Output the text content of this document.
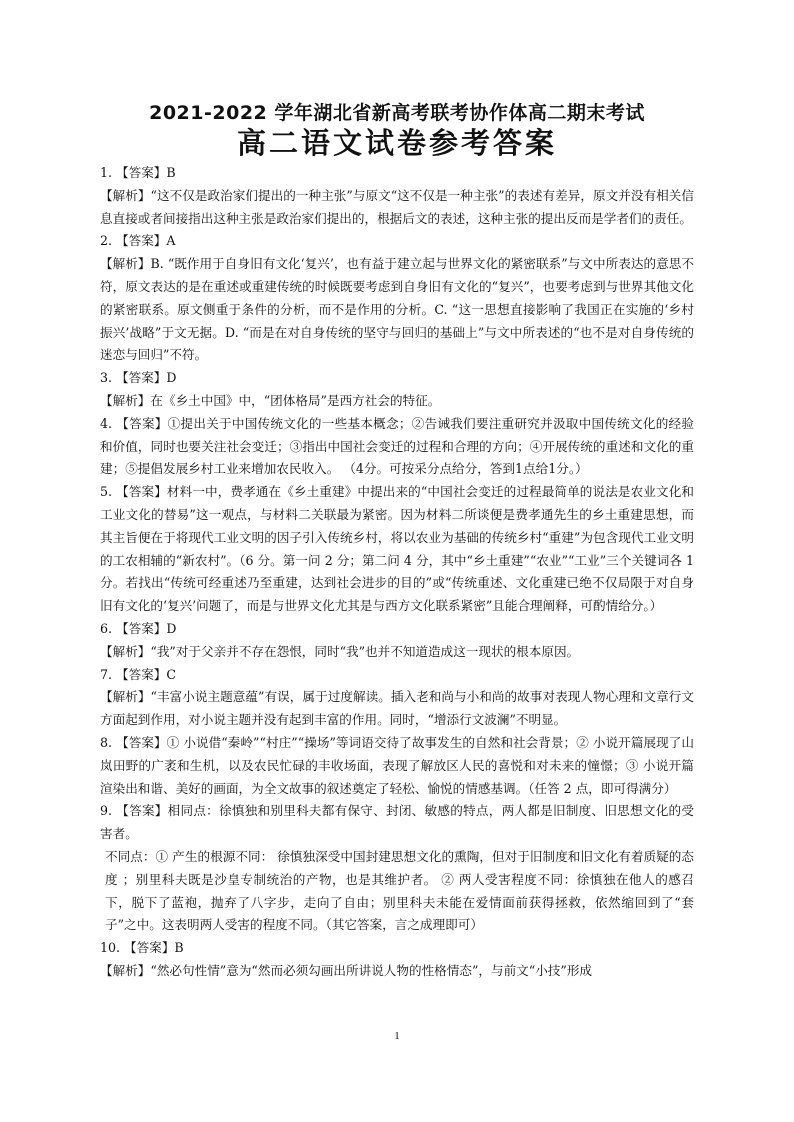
2021-2022 学年湖北省新高考联考协作体高二期末考试
高二语文试卷参考答案

1. 【答案】B

【解析】“这不仅是政治家们提出的一种主张”与原文“这不仅是一种主张”的表述有差异，原文并没有相关信息直接或者间接指出这种主张是政治家们提出的，根据后文的表述，这种主张的提出反而是学者们的责任。

2. 【答案】A

【解析】B. “既作用于自身旧有文化‘复兴’，也有益于建立起与世界文化的紧密联系”与文中所表达的意思不符，原文表达的是在重述或重建传统的时候既要考虑到自身旧有文化的“复兴”，也要考虑到与世界其他文化的紧密联系。原文侧重于条件的分析，而不是作用的分析。C. “这一思想直接影响了我国正在实施的‘乡村振兴’战略”于文无据。D. “而是在对自身传统的坚守与回归的基础上”与文中所表述的“也不是对自身传统的迷恋与回归”不符。

3. 【答案】D

【解析】在《乡土中国》中，“团体格局”是西方社会的特征。

4. 【答案】①提出关于中国传统文化的一些基本概念；②告诫我们要注重研究并汲取中国传统文化的经验和价值，同时也要关注社会变迁；③指出中国社会变迁的过程和合理的方向；④开展传统的重述和文化的重建；⑤提倡发展乡村工业来增加农民收入。 （4分。可按采分点给分，答到1点给1分。）

5. 【答案】材料一中，费孝通在《乡土重建》中提出来的“中国社会变迁的过程最简单的说法是农业文化和工业文化的替易”这一观点，与材料二关联最为紧密。因为材料二所谈便是费孝通先生的乡土重建思想，而其主旨便在于将现代工业文明的因子引入传统乡村，将以农业为基础的传统乡村“重建”为包含现代工业文明的工农相辅的“新农村”。（6 分。第一问 2 分；第二问 4 分，其中“乡土重建”“农业”“工业”三个关键词各 1 分。若找出“传统可经重述乃至重建，达到社会进步的目的”或“传统重述、文化重建已绝不仅局限于对自身旧有文化的‘复兴’问题了，而是与世界文化尤其是与西方文化联系紧密”且能合理阐释，可酌情给分。）

6. 【答案】D

【解析】“我”对于父亲并不存在怨恨，同时“我”也并不知道造成这一现状的根本原因。

7. 【答案】C

【解析】“丰富小说主题意蕴”有误，属于过度解读。插入老和尚与小和尚的故事对表现人物心理和文章行文方面起到作用，对小说主题并没有起到丰富的作用。同时，“增添行文波澜”不明显。

8. 【答案】① 小说借“秦岭”“村庄”“操场”等词语交待了故事发生的自然和社会背景；② 小说开篇展现了山岚田野的广袤和生机，以及农民忙碌的丰收场面，表现了解放区人民的喜悦和对未来的憧憬；③ 小说开篇渲染出和谐、美好的画面，为全文故事的叙述奠定了轻松、愉悦的情感基调。（任答 2 点，即可得满分）

9. 【答案】相同点：徐慎独和别里科夫都有保守、封闭、敏感的特点，两人都是旧制度、旧思想文化的受害者。

不同点：① 产生的根源不同： 徐慎独深受中国封建思想文化的熏陶，但对于旧制度和旧文化有着质疑的态度 ；别里科夫既是沙皇专制统治的产物，也是其维护者。 ② 两人受害程度不同：徐慎独在他人的感召下，脱下了蓝袍，抛弃了八字步，走向了自由；别里科夫未能在爱情面前获得拯救，依然缩回到了“套子”之中。这表明两人受害的程度不同。（其它答案，言之成理即可）

10. 【答案】B

【解析】“然必句性情”意为“然而必须勾画出所讲说人物的性格情态”，与前文“小技”形成

1
